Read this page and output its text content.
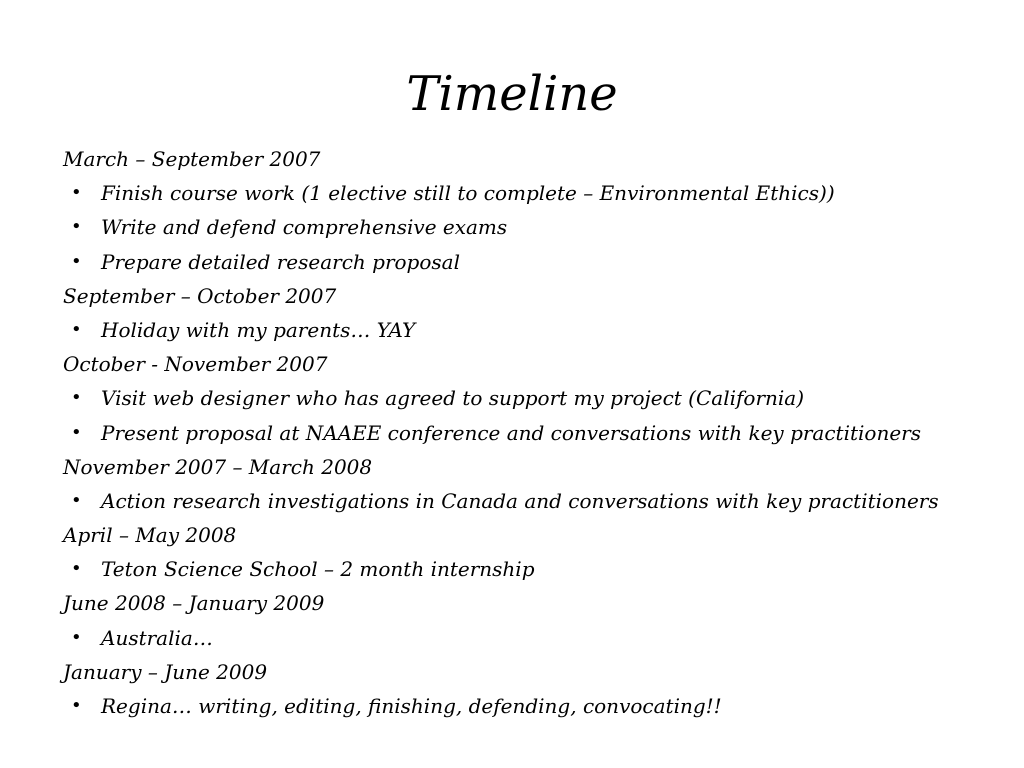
Timeline
March – September 2007
• Finish course work (1 elective still to complete – Environmental Ethics))
• Write and defend comprehensive exams
• Prepare detailed research proposal
September – October 2007
• Holiday with my parents… YAY
October - November 2007
• Visit web designer who has agreed to support my project (California)
• Present proposal at NAAEE conference and conversations with key practitioners
November 2007 – March 2008
• Action research investigations in Canada and conversations with key practitioners
April – May 2008
• Teton Science School – 2 month internship
June 2008 – January 2009
• Australia…
January – June 2009
• Regina… writing, editing, finishing, defending, convocating!!
